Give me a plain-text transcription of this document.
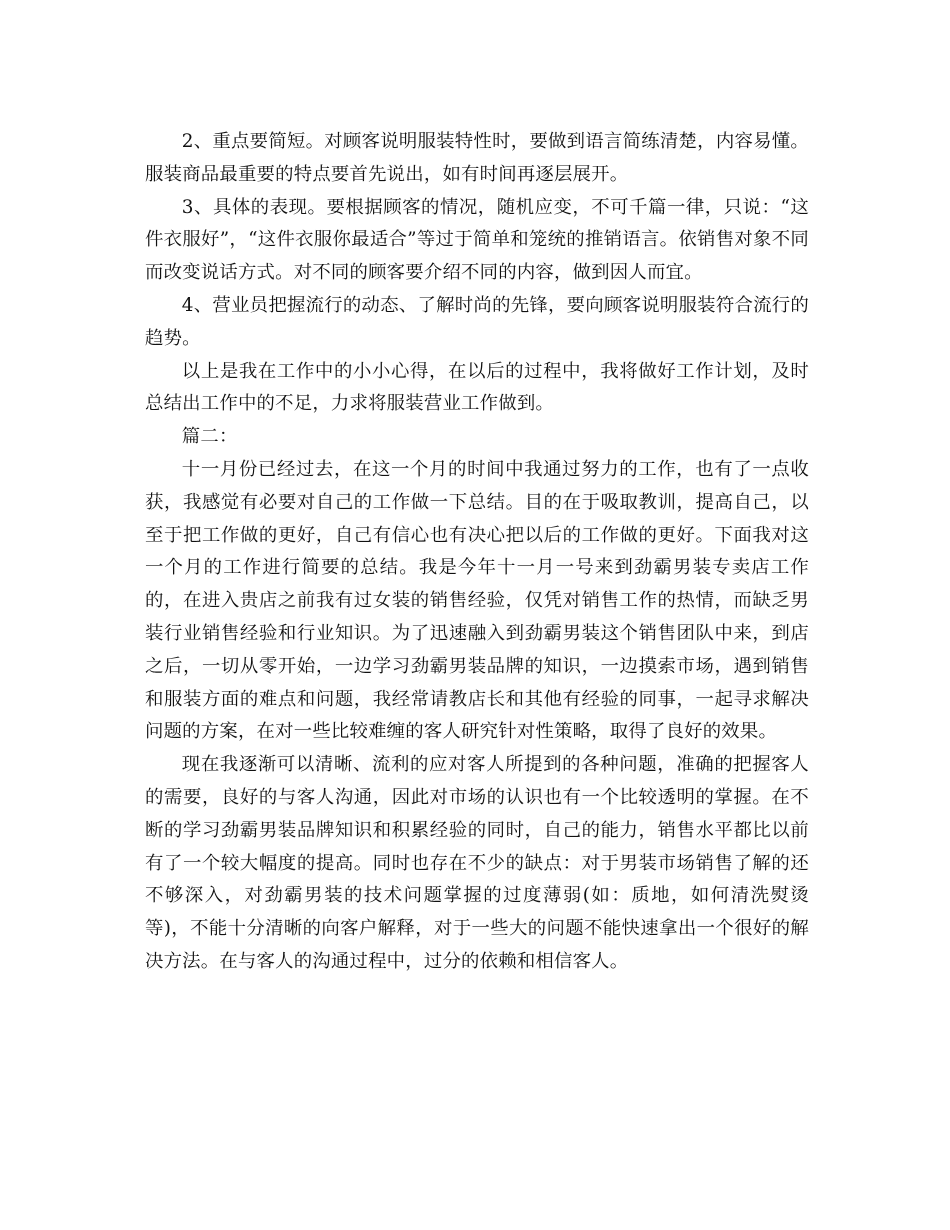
2、重点要简短。对顾客说明服装特性时，要做到语言简练清楚，内容易懂。服装商品最重要的特点要首先说出，如有时间再逐层展开。

3、具体的表现。要根据顾客的情况，随机应变，不可千篇一律，只说：“这件衣服好”，“这件衣服你最适合”等过于简单和笼统的推销语言。依销售对象不同而改变说话方式。对不同的顾客要介绍不同的内容，做到因人而宜。

4、营业员把握流行的动态、了解时尚的先锋，要向顾客说明服装符合流行的趋势。

以上是我在工作中的小小心得，在以后的过程中，我将做好工作计划，及时总结出工作中的不足，力求将服装营业工作做到。

篇二：

十一月份已经过去，在这一个月的时间中我通过努力的工作，也有了一点收获，我感觉有必要对自己的工作做一下总结。目的在于吸取教训，提高自己，以至于把工作做的更好，自己有信心也有决心把以后的工作做的更好。下面我对这一个月的工作进行简要的总结。我是今年十一月一号来到劲霸男装专卖店工作的，在进入贵店之前我有过女装的销售经验，仅凭对销售工作的热情，而缺乏男装行业销售经验和行业知识。为了迅速融入到劲霸男装这个销售团队中来，到店之后，一切从零开始，一边学习劲霸男装品牌的知识，一边摸索市场，遇到销售和服装方面的难点和问题，我经常请教店长和其他有经验的同事，一起寻求解决问题的方案，在对一些比较难缠的客人研究针对性策略，取得了良好的效果。

现在我逐渐可以清晰、流利的应对客人所提到的各种问题，准确的把握客人的需要，良好的与客人沟通，因此对市场的认识也有一个比较透明的掌握。在不断的学习劲霸男装品牌知识和积累经验的同时，自己的能力，销售水平都比以前有了一个较大幅度的提高。同时也存在不少的缺点：对于男装市场销售了解的还不够深入，对劲霸男装的技术问题掌握的过度薄弱(如：质地，如何清洗熨烫等)，不能十分清晰的向客户解释，对于一些大的问题不能快速拿出一个很好的解决方法。在与客人的沟通过程中，过分的依赖和相信客人。
